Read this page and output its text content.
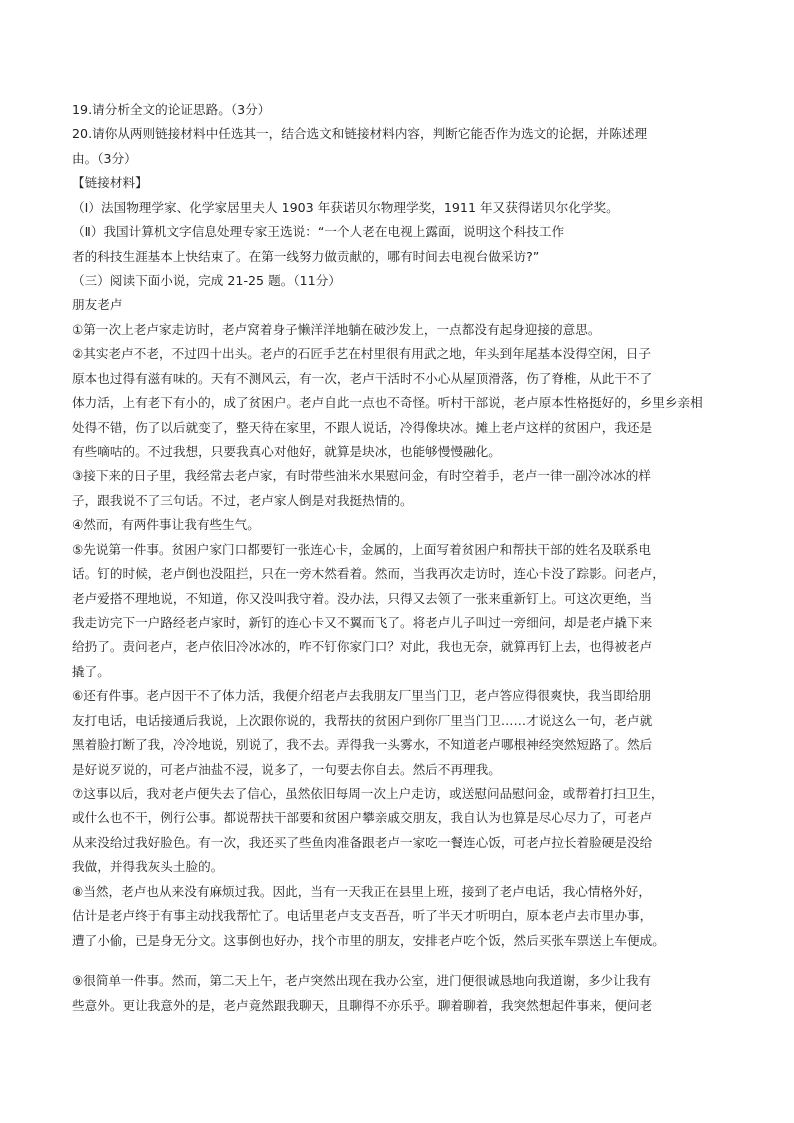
19.请分析全文的论证思路。（3分）
20.请你从两则链接材料中任选其一，结合选文和链接材料内容，判断它能否作为选文的论据，并陈述理
由。（3分）
【链接材料】
（Ⅰ）法国物理学家、化学家居里夫人 1903 年获诺贝尔物理学奖，1911 年又获得诺贝尔化学奖。
（Ⅱ）我国计算机文字信息处理专家王选说：“一个人老在电视上露面，说明这个科技工作
者的科技生涯基本上快结束了。在第一线努力做贡献的，哪有时间去电视台做采访?”
（三）阅读下面小说，完成 21-25 题。（11分）
朋友老卢
①第一次上老卢家走访时，老卢窝着身子懒洋洋地躺在破沙发上，一点都没有起身迎接的意思。
②其实老卢不老，不过四十出头。老卢的石匠手艺在村里很有用武之地，年头到年尾基本没得空闲，日子
原本也过得有滋有味的。天有不测风云，有一次，老卢干活时不小心从屋顶滑落，伤了脊椎，从此干不了
体力活，上有老下有小的，成了贫困户。老卢自此一点也不奇怪。听村干部说，老卢原本性格挺好的，乡里乡亲相
处得不错，伤了以后就变了，整天待在家里，不跟人说话，冷得像块冰。摊上老卢这样的贫困户，我还是
有些嘀咕的。不过我想，只要我真心对他好，就算是块冰，也能够慢慢融化。
③接下来的日子里，我经常去老卢家，有时带些油米水果慰问金，有时空着手，老卢一律一副冷冰冰的样
子，跟我说不了三句话。不过，老卢家人倒是对我挺热情的。
④然而，有两件事让我有些生气。
⑤先说第一件事。贫困户家门口都要钉一张连心卡，金属的，上面写着贫困户和帮扶干部的姓名及联系电
话。钉的时候，老卢倒也没阻拦，只在一旁木然看着。然而，当我再次走访时，连心卡没了踪影。问老卢，
老卢爱搭不理地说，不知道，你又没叫我守着。没办法，只得又去领了一张来重新钉上。可这次更绝，当
我走访完下一户路经老卢家时，新钉的连心卡又不翼而飞了。将老卢儿子叫过一旁细问，却是老卢撬下来
给扔了。责问老卢，老卢依旧冷冰冰的，咋不钉你家门口？对此，我也无奈，就算再钉上去，也得被老卢
撬了。
⑥还有件事。老卢因干不了体力活，我便介绍老卢去我朋友厂里当门卫，老卢答应得很爽快，我当即给朋
友打电话，电话接通后我说，上次跟你说的，我帮扶的贫困户到你厂里当门卫……才说这么一句，老卢就
黑着脸打断了我，冷冷地说，别说了，我不去。弄得我一头雾水，不知道老卢哪根神经突然短路了。然后
是好说歹说的，可老卢油盐不浸，说多了，一句要去你自去。然后不再理我。
⑦这事以后，我对老卢便失去了信心，虽然依旧每周一次上户走访，或送慰问品慰问金，或帮着打扫卫生，
或什么也不干，例行公事。都说帮扶干部要和贫困户攀亲戚交朋友，我自认为也算是尽心尽力了，可老卢
从来没给过我好脸色。有一次，我还买了些鱼肉准备跟老卢一家吃一餐连心饭，可老卢拉长着脸硬是没给
我做，并得我灰头土脸的。
⑧当然，老卢也从来没有麻烦过我。因此，当有一天我正在县里上班，接到了老卢电话，我心情格外好，
估计是老卢终于有事主动找我帮忙了。电话里老卢支支吾吾，听了半天才听明白，原本老卢去市里办事，
遭了小偷，已是身无分文。这事倒也好办，找个市里的朋友，安排老卢吃个饭，然后买张车票送上车便成。
⑨很简单一件事。然而，第二天上午，老卢突然出现在我办公室，进门便很诚恳地向我道谢，多少让我有
些意外。更让我意外的是，老卢竟然跟我聊天，且聊得不亦乐乎。聊着聊着，我突然想起件事来，便问老
